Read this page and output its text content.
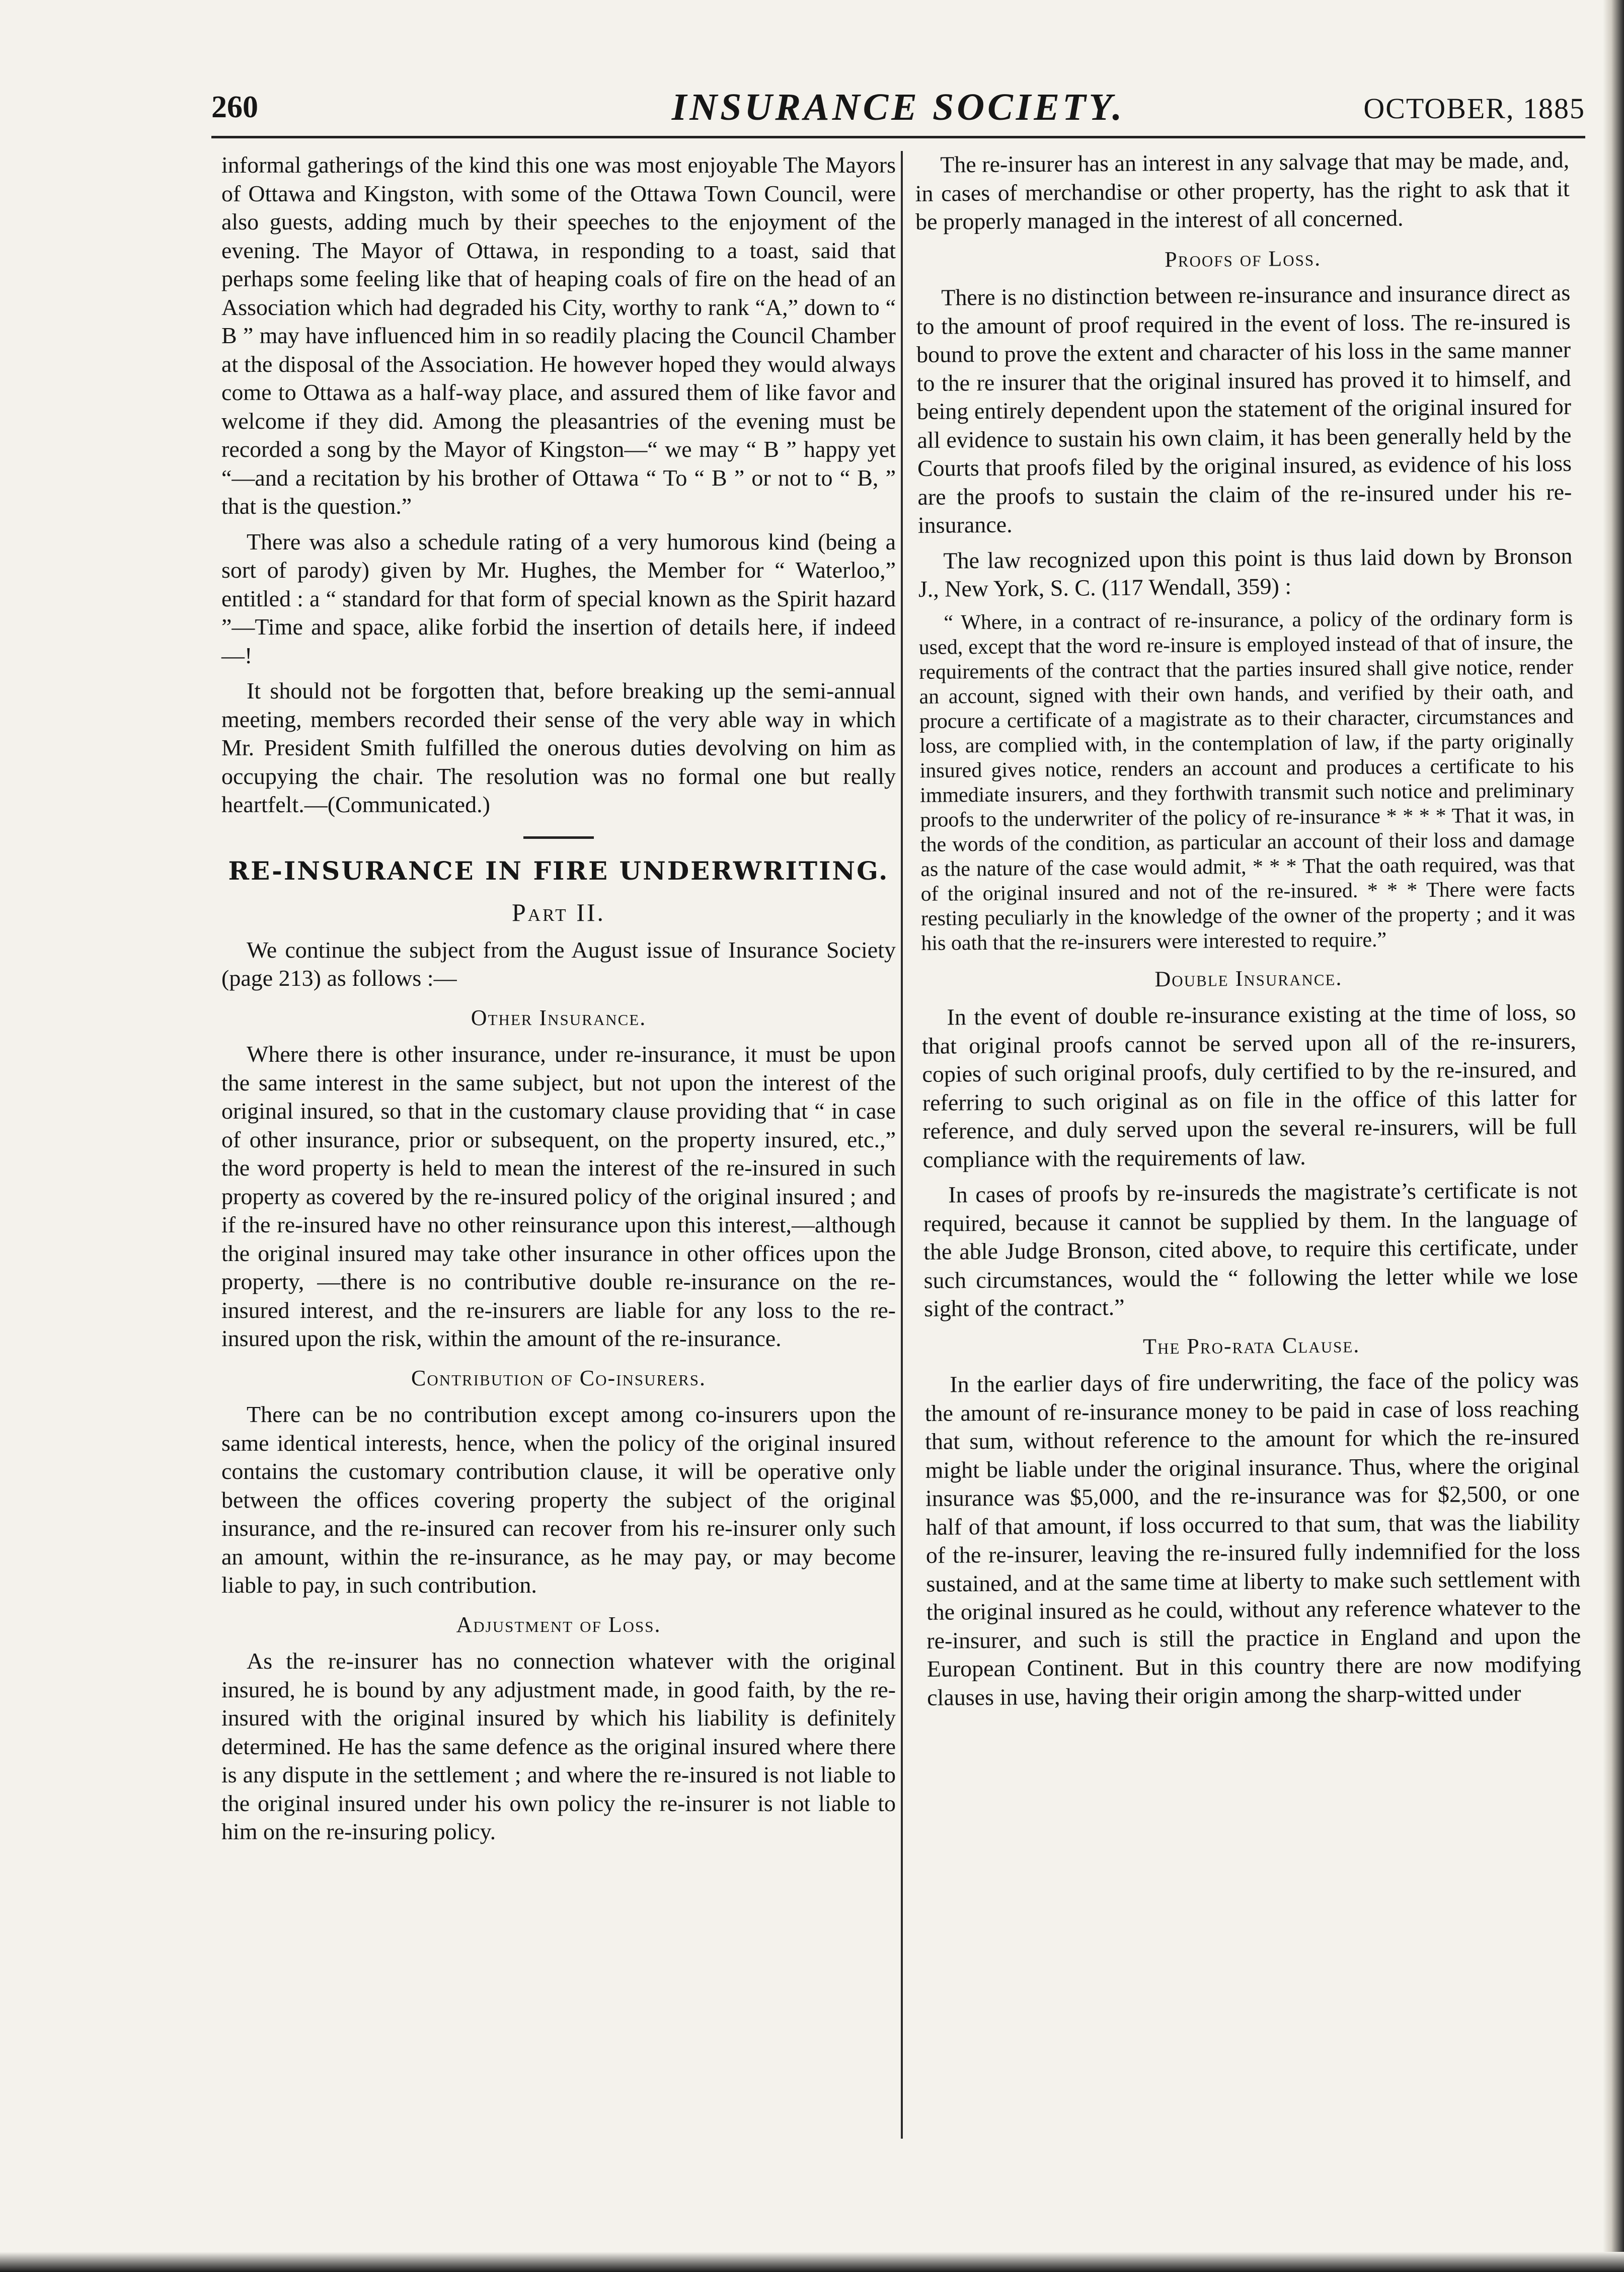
260	INSURANCE SOCIETY.	OCTOBER, 1885

informal gatherings of the kind this one was most enjoyable The Mayors of Ottawa and Kingston, with some of the Ottawa Town Council, were also guests, adding much by their speeches to the enjoyment of the evening. The Mayor of Ottawa, in responding to a toast, said that perhaps some feeling like that of heaping coals of fire on the head of an Association which had degraded his City, worthy to rank “A,” down to “ B ” may have influenced him in so readily placing the Council Chamber at the disposal of the Association. He however hoped they would always come to Ottawa as a half-way place, and assured them of like favor and welcome if they did. Among the pleasantries of the evening must be recorded a song by the Mayor of Kingston—“ we may “ B ” happy yet “—and a recitation by his brother of Ottawa “ To “ B ” or not to “ B, ” that is the question.”

There was also a schedule rating of a very humorous kind (being a sort of parody) given by Mr. Hughes, the Member for “ Waterloo,” entitled : a “ standard for that form of special known as the Spirit hazard ”—Time and space, alike forbid the insertion of details here, if indeed—!

It should not be forgotten that, before breaking up the semi-annual meeting, members recorded their sense of the very able way in which Mr. President Smith fulfilled the onerous duties devolving on him as occupying the chair. The resolution was no formal one but really heartfelt.—(Communicated.)

RE-INSURANCE IN FIRE UNDERWRITING.
Part II.

We continue the subject from the August issue of Insurance Society (page 213) as follows :—

Other Insurance.

Where there is other insurance, under re-insurance, it must be upon the same interest in the same subject, but not upon the interest of the original insured, so that in the customary clause providing that “ in case of other insurance, prior or subsequent, on the property insured, etc.,” the word property is held to mean the interest of the re-insured in such property as covered by the re-insured policy of the original insured ; and if the re-insured have no other reinsurance upon this interest,—although the original insured may take other insurance in other offices upon the property, —there is no contributive double re-insurance on the re-insured interest, and the re-insurers are liable for any loss to the re-insured upon the risk, within the amount of the re-insurance.

Contribution of Co-insurers.

There can be no contribution except among co-insurers upon the same identical interests, hence, when the policy of the original insured contains the customary contribution clause, it will be operative only between the offices covering property the subject of the original insurance, and the re-insured can recover from his re-insurer only such an amount, within the re-insurance, as he may pay, or may become liable to pay, in such contribution.

Adjustment of Loss.

As the re-insurer has no connection whatever with the original insured, he is bound by any adjustment made, in good faith, by the re-insured with the original insured by which his liability is definitely determined. He has the same defence as the original insured where there is any dispute in the settlement ; and where the re-insured is not liable to the original insured under his own policy the re-insurer is not liable to him on the re-insuring policy.

The re-insurer has an interest in any salvage that may be made, and, in cases of merchandise or other property, has the right to ask that it be properly managed in the interest of all concerned.

Proofs of Loss.

There is no distinction between re-insurance and insurance direct as to the amount of proof required in the event of loss. The re-insured is bound to prove the extent and character of his loss in the same manner to the re insurer that the original insured has proved it to himself, and being entirely dependent upon the statement of the original insured for all evidence to sustain his own claim, it has been generally held by the Courts that proofs filed by the original insured, as evidence of his loss are the proofs to sustain the claim of the re-insured under his re-insurance.

The law recognized upon this point is thus laid down by Bronson J., New York, S. C. (117 Wendall, 359) :

“ Where, in a contract of re-insurance, a policy of the ordinary form is used, except that the word re-insure is employed instead of that of insure, the requirements of the contract that the parties insured shall give notice, render an account, signed with their own hands, and verified by their oath, and procure a certificate of a magistrate as to their character, circumstances and loss, are complied with, in the contemplation of law, if the party originally insured gives notice, renders an account and produces a certificate to his immediate insurers, and they forthwith transmit such notice and preliminary proofs to the underwriter of the policy of re-insurance * * * * That it was, in the words of the condition, as particular an account of their loss and damage as the nature of the case would admit, * * * That the oath required, was that of the original insured and not of the re-insured. * * * There were facts resting peculiarly in the knowledge of the owner of the property ; and it was his oath that the re-insurers were interested to require.”

Double Insurance.

In the event of double re-insurance existing at the time of loss, so that original proofs cannot be served upon all of the re-insurers, copies of such original proofs, duly certified to by the re-insured, and referring to such original as on file in the office of this latter for reference, and duly served upon the several re-insurers, will be full compliance with the requirements of law.

In cases of proofs by re-insureds the magistrate’s certificate is not required, because it cannot be supplied by them. In the language of the able Judge Bronson, cited above, to require this certificate, under such circumstances, would the “ following the letter while we lose sight of the contract.”

The Pro-rata Clause.

In the earlier days of fire underwriting, the face of the policy was the amount of re-insurance money to be paid in case of loss reaching that sum, without reference to the amount for which the re-insured might be liable under the original insurance. Thus, where the original insurance was $5,000, and the re-insurance was for $2,500, or one half of that amount, if loss occurred to that sum, that was the liability of the re-insurer, leaving the re-insured fully indemnified for the loss sustained, and at the same time at liberty to make such settlement with the original insured as he could, without any reference whatever to the re-insurer, and such is still the practice in England and upon the European Continent. But in this country there are now modifying clauses in use, having their origin among the sharp-witted under
